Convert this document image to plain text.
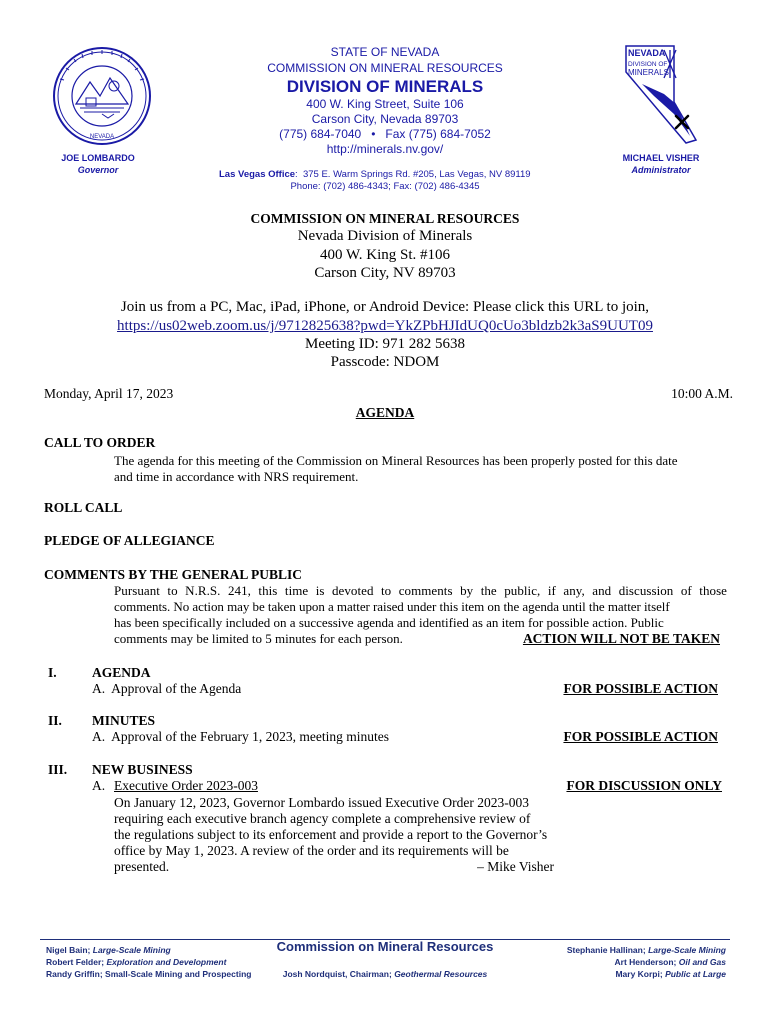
NEVADA
JOE LOMBARDO
Governor
STATE OF NEVADA
COMMISSION ON MINERAL RESOURCES
DIVISION OF MINERALS
400 W. King Street, Suite 106
Carson City, Nevada 89703
(775) 684-7040   •   Fax (775) 684-7052
http://minerals.nv.gov/
Las Vegas Office:  375 E. Warm Springs Rd. #205, Las Vegas, NV 89119
Phone: (702) 486-4343; Fax: (702) 486-4345
NEVADA
DIVISION OF
MINERALS
MICHAEL VISHER
Administrator
COMMISSION ON MINERAL RESOURCES
Nevada Division of Minerals
400 W. King St. #106
Carson City, NV 89703
Join us from a PC, Mac, iPad, iPhone, or Android Device: Please click this URL to join,
https://us02web.zoom.us/j/9712825638?pwd=YkZPbHJIdUQ0cUo3bldzb2k3aS9UUT09
Meeting ID: 971 282 5638
Passcode: NDOM
Monday, April 17, 2023	10:00 A.M.
AGENDA
CALL TO ORDER
The agenda for this meeting of the Commission on Mineral Resources has been properly posted for this date
and time in accordance with NRS requirement.
ROLL CALL
PLEDGE OF ALLEGIANCE
COMMENTS BY THE GENERAL PUBLIC
Pursuant to N.R.S. 241, this time is devoted to comments by the public, if any, and discussion of those
comments. No action may be taken upon a matter raised under this item on the agenda until the matter itself
has been specifically included on a successive agenda and identified as an item for possible action. Public
comments may be limited to 5 minutes for each person.	ACTION WILL NOT BE TAKEN
I.	AGENDA
A.  Approval of the Agenda	FOR POSSIBLE ACTION
II. MINUTES
A.  Approval of the February 1, 2023, meeting minutes	FOR POSSIBLE ACTION
III. NEW BUSINESS
A. Executive Order 2023-003	FOR DISCUSSION ONLY
On January 12, 2023, Governor Lombardo issued Executive Order 2023-003
requiring each executive branch agency complete a comprehensive review of
the regulations subject to its enforcement and provide a report to the Governor’s
office by May 1, 2023. A review of the order and its requirements will be
presented.	– Mike Visher
Commission on Mineral Resources
Nigel Bain; Large-Scale Mining
Robert Felder; Exploration and Development
Randy Griffin; Small-Scale Mining and Prospecting	Josh Nordquist, Chairman; Geothermal Resources
Stephanie Hallinan; Large-Scale Mining
Art Henderson; Oil and Gas
Mary Korpi; Public at Large
